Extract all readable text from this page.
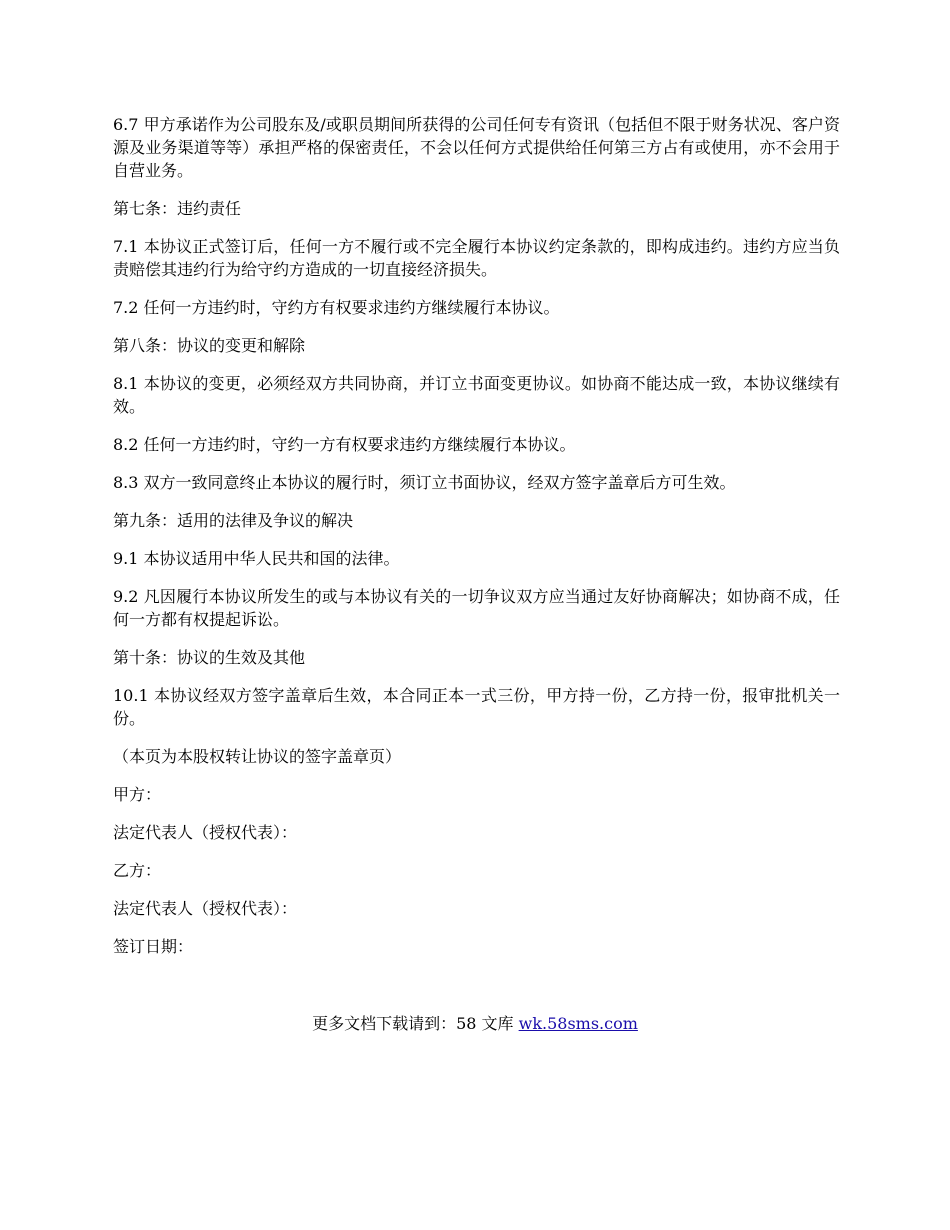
6.7 甲方承诺作为公司股东及/或职员期间所获得的公司任何专有资讯（包括但不限于财务状况、客户资源及业务渠道等等）承担严格的保密责任，不会以任何方式提供给任何第三方占有或使用，亦不会用于自营业务。

第七条：违约责任

7.1 本协议正式签订后，任何一方不履行或不完全履行本协议约定条款的，即构成违约。违约方应当负责赔偿其违约行为给守约方造成的一切直接经济损失。

7.2 任何一方违约时，守约方有权要求违约方继续履行本协议。

第八条：协议的变更和解除

8.1 本协议的变更，必须经双方共同协商，并订立书面变更协议。如协商不能达成一致，本协议继续有效。

8.2 任何一方违约时，守约一方有权要求违约方继续履行本协议。

8.3 双方一致同意终止本协议的履行时，须订立书面协议，经双方签字盖章后方可生效。

第九条：适用的法律及争议的解决

9.1 本协议适用中华人民共和国的法律。

9.2 凡因履行本协议所发生的或与本协议有关的一切争议双方应当通过友好协商解决；如协商不成，任何一方都有权提起诉讼。

第十条：协议的生效及其他

10.1 本协议经双方签字盖章后生效，本合同正本一式三份，甲方持一份，乙方持一份，报审批机关一份。

（本页为本股权转让协议的签字盖章页）

甲方：

法定代表人（授权代表）：

乙方：

法定代表人（授权代表）：

签订日期：

更多文档下载请到：58 文库 wk.58sms.com
